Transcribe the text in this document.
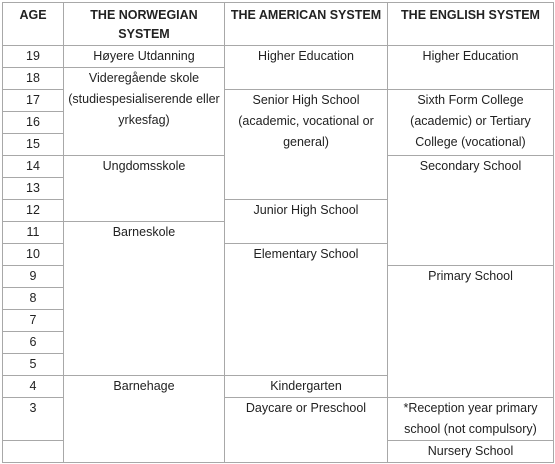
AGE	THE NORWEGIAN SYSTEM	THE AMERICAN SYSTEM	THE ENGLISH SYSTEM
19	Høyere Utdanning	Higher Education	Higher Education
18	Videregående skole (studiespesialiserende eller yrkesfag)		
17		Senior High School (academic, vocational or general)	Sixth Form College (academic) or Tertiary College (vocational)
16			
15			
14	Ungdomsskole		Secondary School
13			
12		Junior High School	
11	Barneskole		
10		Elementary School	
9			Primary School
8			
7			
6			
5			
4	Barnehage	Kindergarten	
3		Daycare or Preschool	*Reception year primary school (not compulsory)
			Nursery School
